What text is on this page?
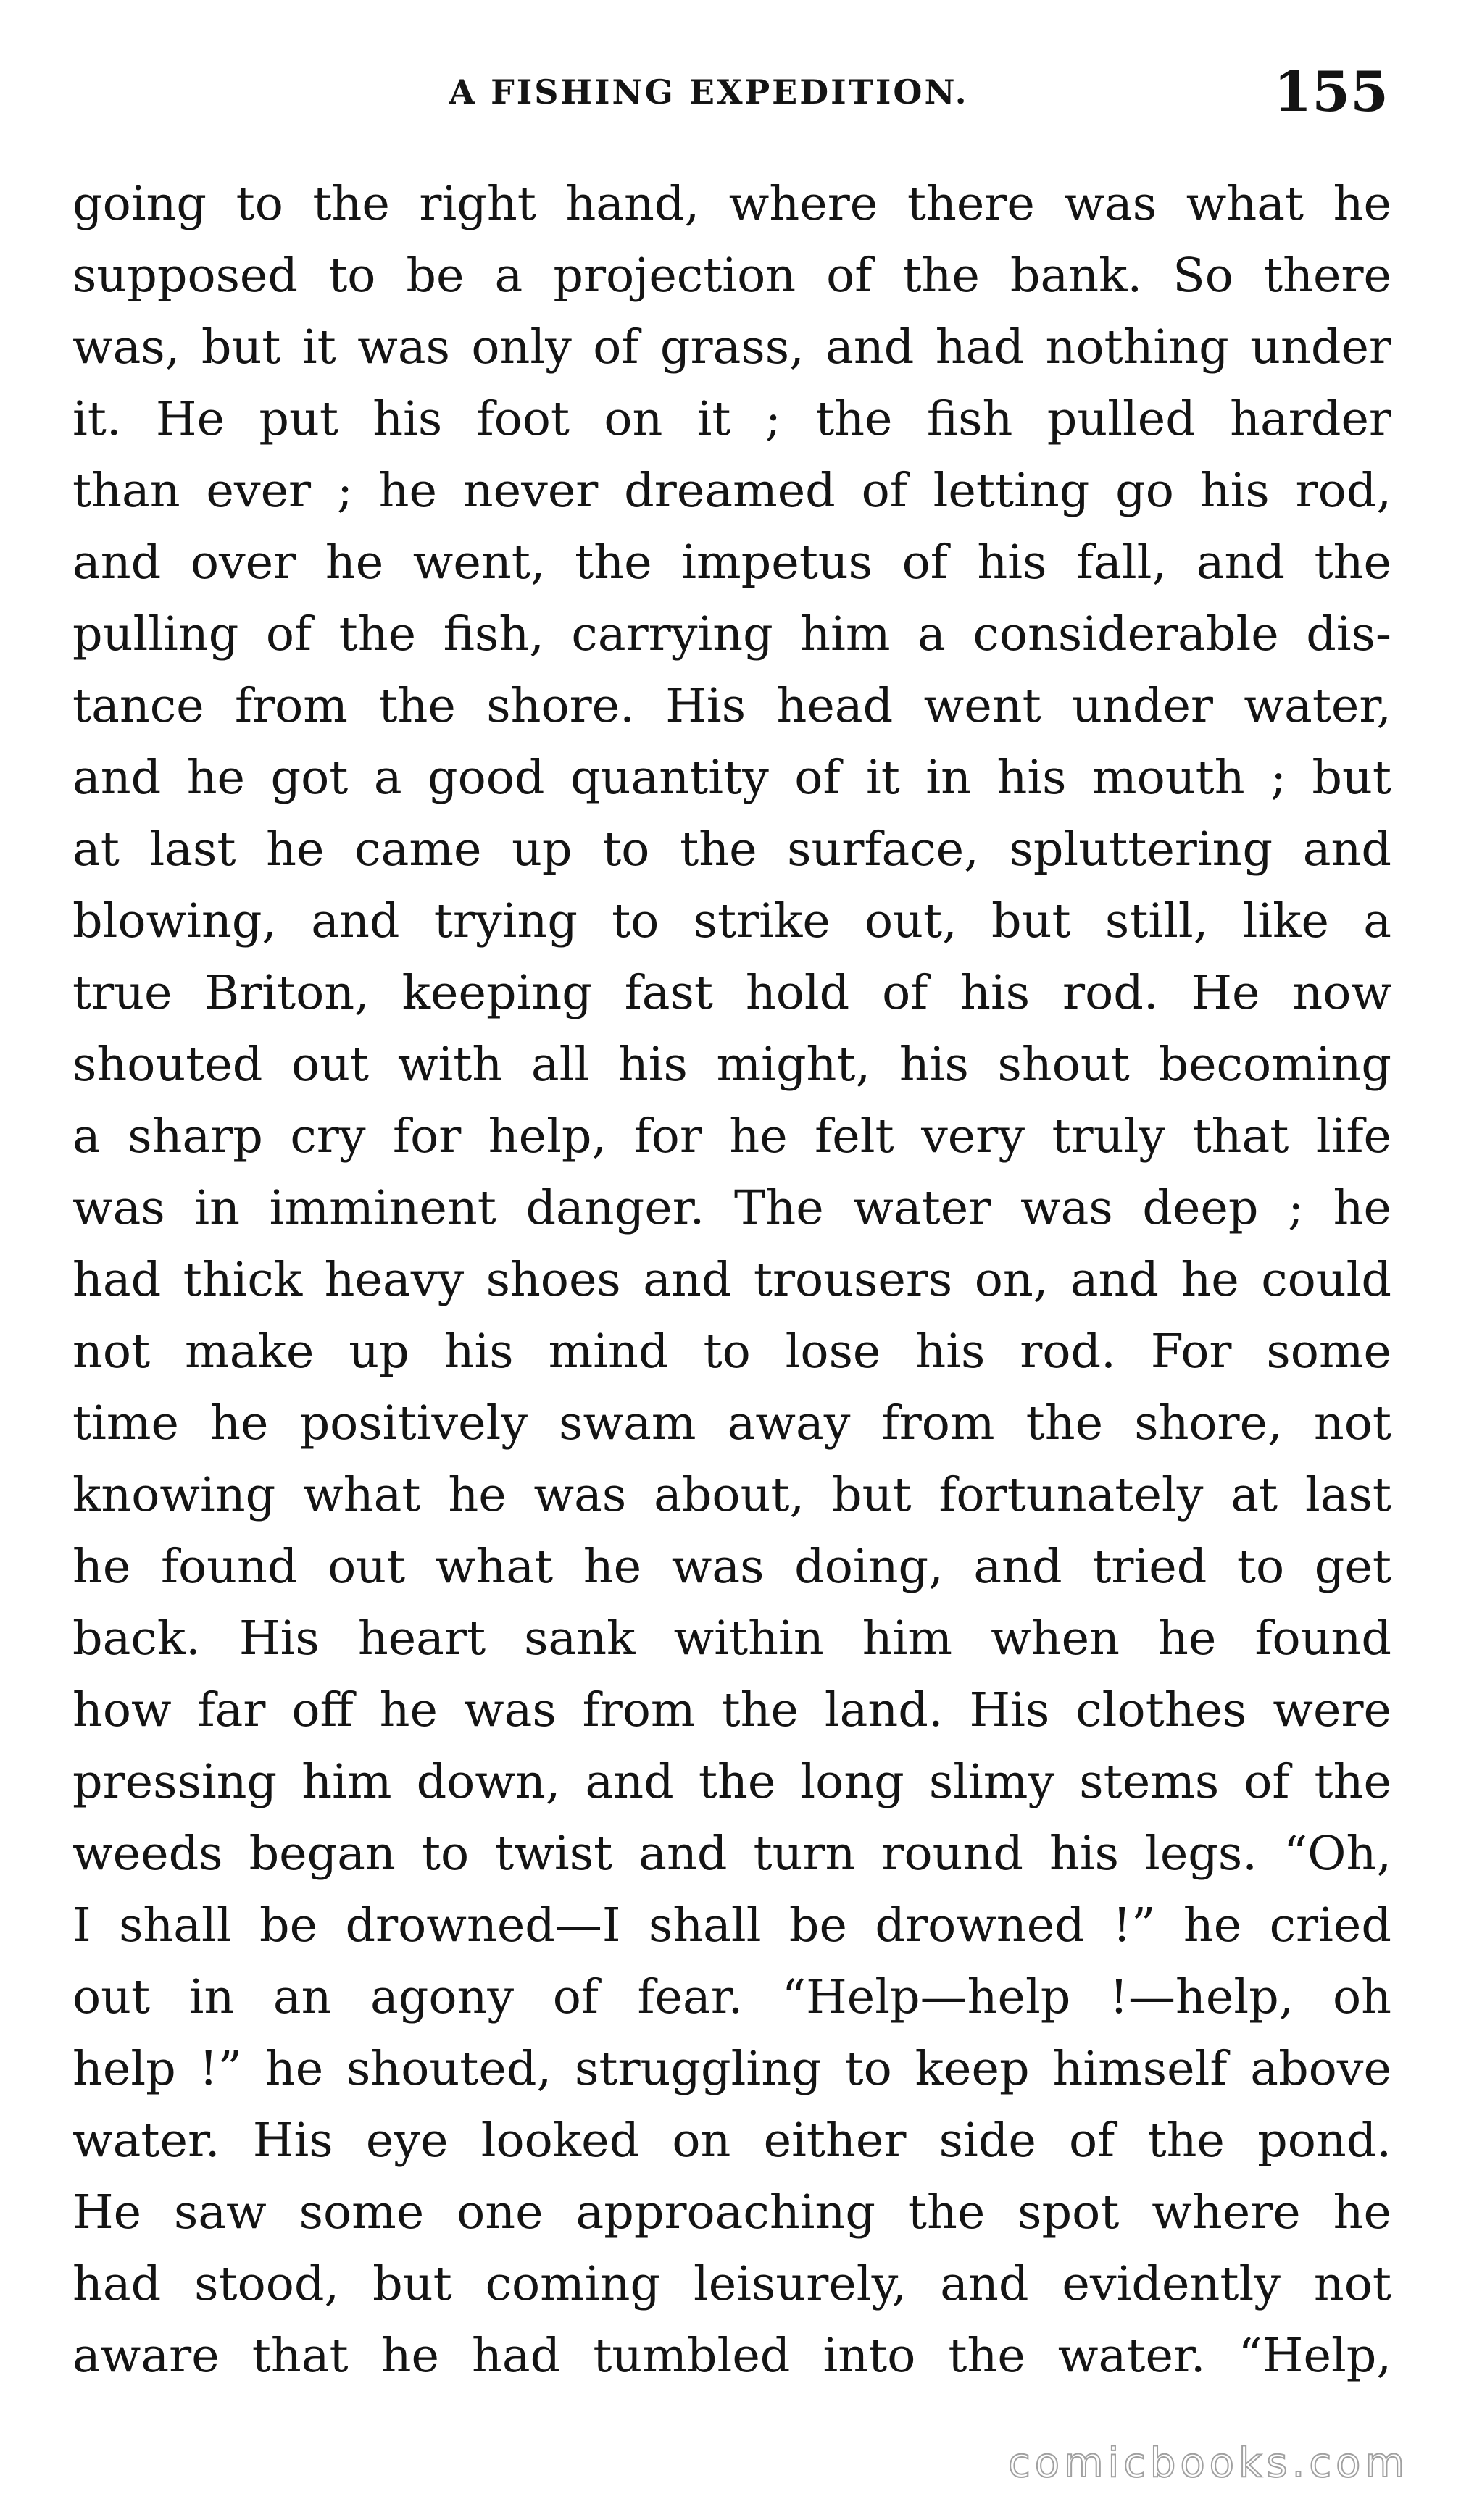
A FISHING EXPEDITION.	155
going to the right hand, where there was what he
supposed to be a projection of the bank. So there
was, but it was only of grass, and had nothing under
it. He put his foot on it ; the fish pulled harder
than ever ; he never dreamed of letting go his rod,
and over he went, the impetus of his fall, and the
pulling of the fish, carrying him a considerable dis-
tance from the shore. His head went under water,
and he got a good quantity of it in his mouth ; but
at last he came up to the surface, spluttering and
blowing, and trying to strike out, but still, like a
true Briton, keeping fast hold of his rod. He now
shouted out with all his might, his shout becoming
a sharp cry for help, for he felt very truly that life
was in imminent danger. The water was deep ; he
had thick heavy shoes and trousers on, and he could
not make up his mind to lose his rod. For some
time he positively swam away from the shore, not
knowing what he was about, but fortunately at last
he found out what he was doing, and tried to get
back. His heart sank within him when he found
how far off he was from the land. His clothes were
pressing him down, and the long slimy stems of the
weeds began to twist and turn round his legs. “Oh,
I shall be drowned—I shall be drowned !” he cried
out in an agony of fear. “Help—help !—help, oh
help !” he shouted, struggling to keep himself above
water. His eye looked on either side of the pond.
He saw some one approaching the spot where he
had stood, but coming leisurely, and evidently not
aware that he had tumbled into the water. “Help,
comicbooks.com
